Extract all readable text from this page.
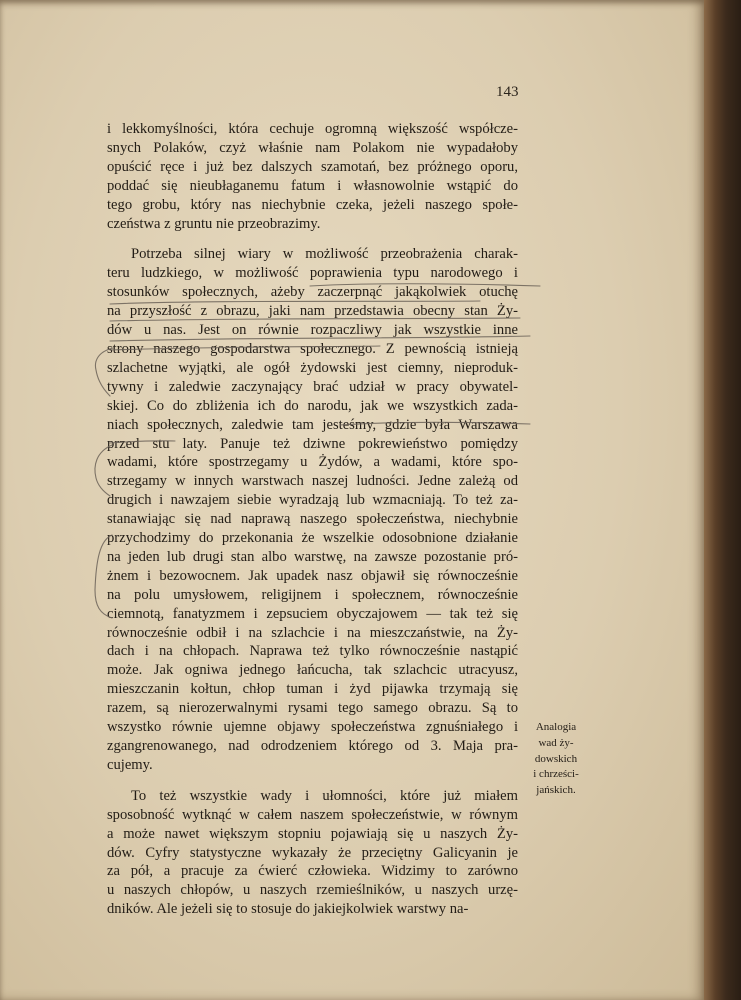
143
i lekkomyślności, która cechuje ogromną większość współcze-
snych Polaków, czyż właśnie nam Polakom nie wypadałoby
opuścić ręce i już bez dalszych szamotań, bez próżnego oporu,
poddać się nieubłaganemu fatum i własnowolnie wstąpić do
tego grobu, który nas niechybnie czeka, jeżeli naszego społe-
czeństwa z gruntu nie przeobrazimy.
Potrzeba silnej wiary w możliwość przeobrażenia charak-
teru ludzkiego, w możliwość poprawienia typu narodowego i
stosunków społecznych, ażeby zaczerpnąć jakąkolwiek otuchę
na przyszłość z obrazu, jaki nam przedstawia obecny stan Ży-
dów u nas. Jest on równie rozpaczliwy jak wszystkie inne
strony naszego gospodarstwa społecznego. Z pewnością istnieją
szlachetne wyjątki, ale ogół żydowski jest ciemny, nieproduk-
tywny i zaledwie zaczynający brać udział w pracy obywatel-
skiej. Co do zbliżenia ich do narodu, jak we wszystkich zada-
niach społecznych, zaledwie tam jesteśmy, gdzie była Warszawa
przed stu laty. Panuje też dziwne pokrewieństwo pomiędzy
wadami, które spostrzegamy u Żydów, a wadami, które spo-
strzegamy w innych warstwach naszej ludności. Jedne zależą od
drugich i nawzajem siebie wyradzają lub wzmacniają. To też za-
stanawiając się nad naprawą naszego społeczeństwa, niechybnie
przychodzimy do przekonania że wszelkie odosobnione działanie
na jeden lub drugi stan albo warstwę, na zawsze pozostanie pró-
żnem i bezowocnem. Jak upadek nasz objawił się równocześnie
na polu umysłowem, religijnem i społecznem, równocześnie
ciemnotą, fanatyzmem i zepsuciem obyczajowem — tak też się
równocześnie odbił i na szlachcie i na mieszczaństwie, na Ży-
dach i na chłopach. Naprawa też tylko równocześnie nastąpić
może. Jak ogniwa jednego łańcucha, tak szlachcic utracyusz,
mieszczanin kołtun, chłop tuman i żyd pijawka trzymają się
razem, są nierozerwalnymi rysami tego samego obrazu. Są to
wszystko równie ujemne objawy społeczeństwa zgnuśniałego i
zgangrenowanego, nad odrodzeniem którego od 3. Maja pra-
cujemy.
To też wszystkie wady i ułomności, które już miałem
sposobność wytknąć w całem naszem społeczeństwie, w równym
a może nawet większym stopniu pojawiają się u naszych Ży-
dów. Cyfry statystyczne wykazały że przeciętny Galicyanin je
za pół, a pracuje za ćwierć człowieka. Widzimy to zarówno
u naszych chłopów, u naszych rzemieślników, u naszych urzę-
dników. Ale jeżeli się to stosuje do jakiejkolwiek warstwy na-
Analogia
wad ży-
dowskich
i chrześci-
jańskich.
